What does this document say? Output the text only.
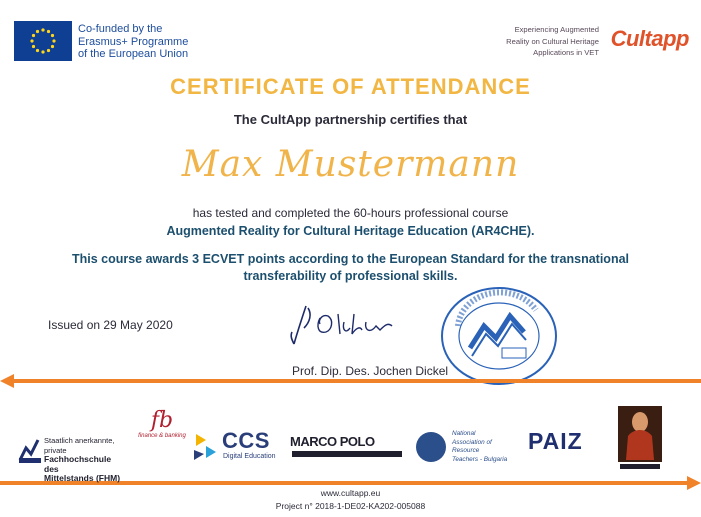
Co-funded by the
Erasmus+ Programme
of the European Union
Experiencing Augmented
Reality on Cultural Heritage
Applications in VET
Cultapp
CERTIFICATE OF ATTENDANCE
The CultApp partnership certifies that
Max Mustermann
has tested and completed the 60-hours professional course
Augmented Reality for Cultural Heritage Education (AR4CHE).
This course awards 3 ECVET points according to the European Standard for the transnational
transferability of professional skills.
Issued on 29 May 2020
Prof. Dip. Des. Jochen Dickel
Staatlich anerkannte, private
Fachhochschule des
Mittelstands (FHM)
fb
finance & banking CCS
Digital Education
MARCO POLO
National
Association of
Resource
Teachers - Bulgaria
PAIZ
www.cultapp.eu
Project n° 2018-1-DE02-KA202-005088
